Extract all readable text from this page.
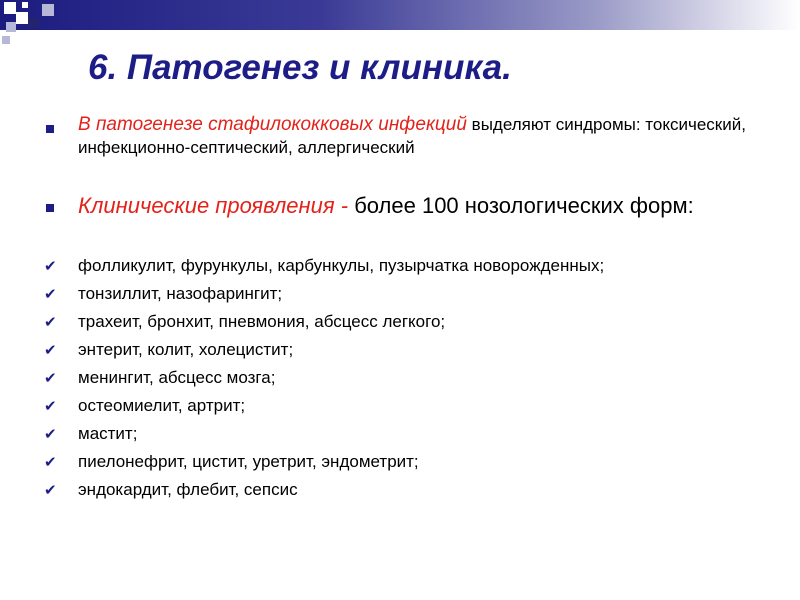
6. Патогенез и клиника.

В патогенезе стафилококковых инфекций выделяют синдромы: токсический, инфекционно-септический, аллергический

Клинические проявления - более 100 нозологических форм:

✔ фолликулит, фурункулы, карбункулы, пузырчатка новорожденных;
✔ тонзиллит, назофарингит;
✔ трахеит, бронхит, пневмония, абсцесс легкого;
✔ энтерит, колит, холецистит;
✔ менингит, абсцесс мозга;
✔ остеомиелит, артрит;
✔ мастит;
✔ пиелонефрит, цистит, уретрит, эндометрит;
✔ эндокардит, флебит, сепсис
